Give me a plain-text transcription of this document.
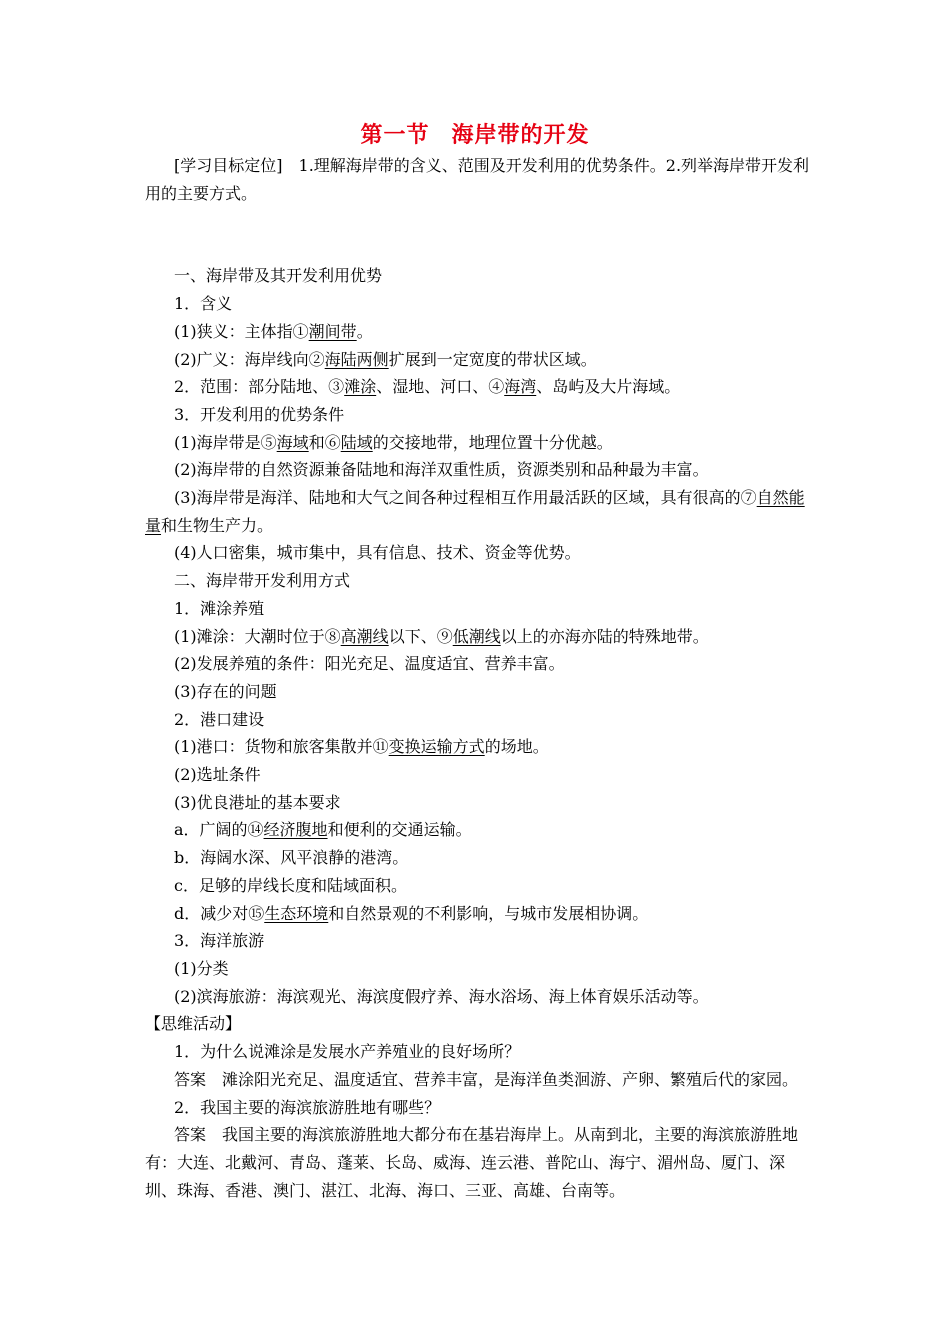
第一节 海岸带的开发

[学习目标定位]　 1.理解海岸带的含义、范围及开发利用的优势条件。2.列举海岸带开发利用的主要方式。

一、海岸带及其开发利用优势

1．含义

(1)狭义：主体指①潮间带。

(2)广义：海岸线向②海陆两侧扩展到一定宽度的带状区域。

2．范围：部分陆地、③滩涂、湿地、河口、④海湾、岛屿及大片海域。

3．开发利用的优势条件

(1)海岸带是⑤海域和⑥陆域的交接地带，地理位置十分优越。

(2)海岸带的自然资源兼备陆地和海洋双重性质，资源类别和品种最为丰富。

(3)海岸带是海洋、陆地和大气之间各种过程相互作用最活跃的区域，具有很高的⑦自然能量和生物生产力。

(4)人口密集，城市集中，具有信息、技术、资金等优势。

二、海岸带开发利用方式

1．滩涂养殖

(1)滩涂：大潮时位于⑧高潮线以下、⑨低潮线以上的亦海亦陆的特殊地带。

(2)发展养殖的条件：阳光充足、温度适宜、营养丰富。

(3)存在的问题

2．港口建设

(1)港口：货物和旅客集散并⑪变换运输方式的场地。

(2)选址条件

(3)优良港址的基本要求

a．广阔的⑭经济腹地和便利的交通运输。

b．海阔水深、风平浪静的港湾。

c．足够的岸线长度和陆域面积。

d．减少对⑮生态环境和自然景观的不利影响，与城市发展相协调。

3．海洋旅游

(1)分类

(2)滨海旅游：海滨观光、海滨度假疗养、海水浴场、海上体育娱乐活动等。

【思维活动】

1．为什么说滩涂是发展水产养殖业的良好场所？

答案　滩涂阳光充足、温度适宜、营养丰富，是海洋鱼类洄游、产卵、繁殖后代的家园。

2．我国主要的海滨旅游胜地有哪些？

答案　我国主要的海滨旅游胜地大都分布在基岩海岸上。从南到北，主要的海滨旅游胜地有：大连、北戴河、青岛、蓬莱、长岛、威海、连云港、普陀山、海宁、湄州岛、厦门、深圳、珠海、香港、澳门、湛江、北海、海口、三亚、高雄、台南等。
